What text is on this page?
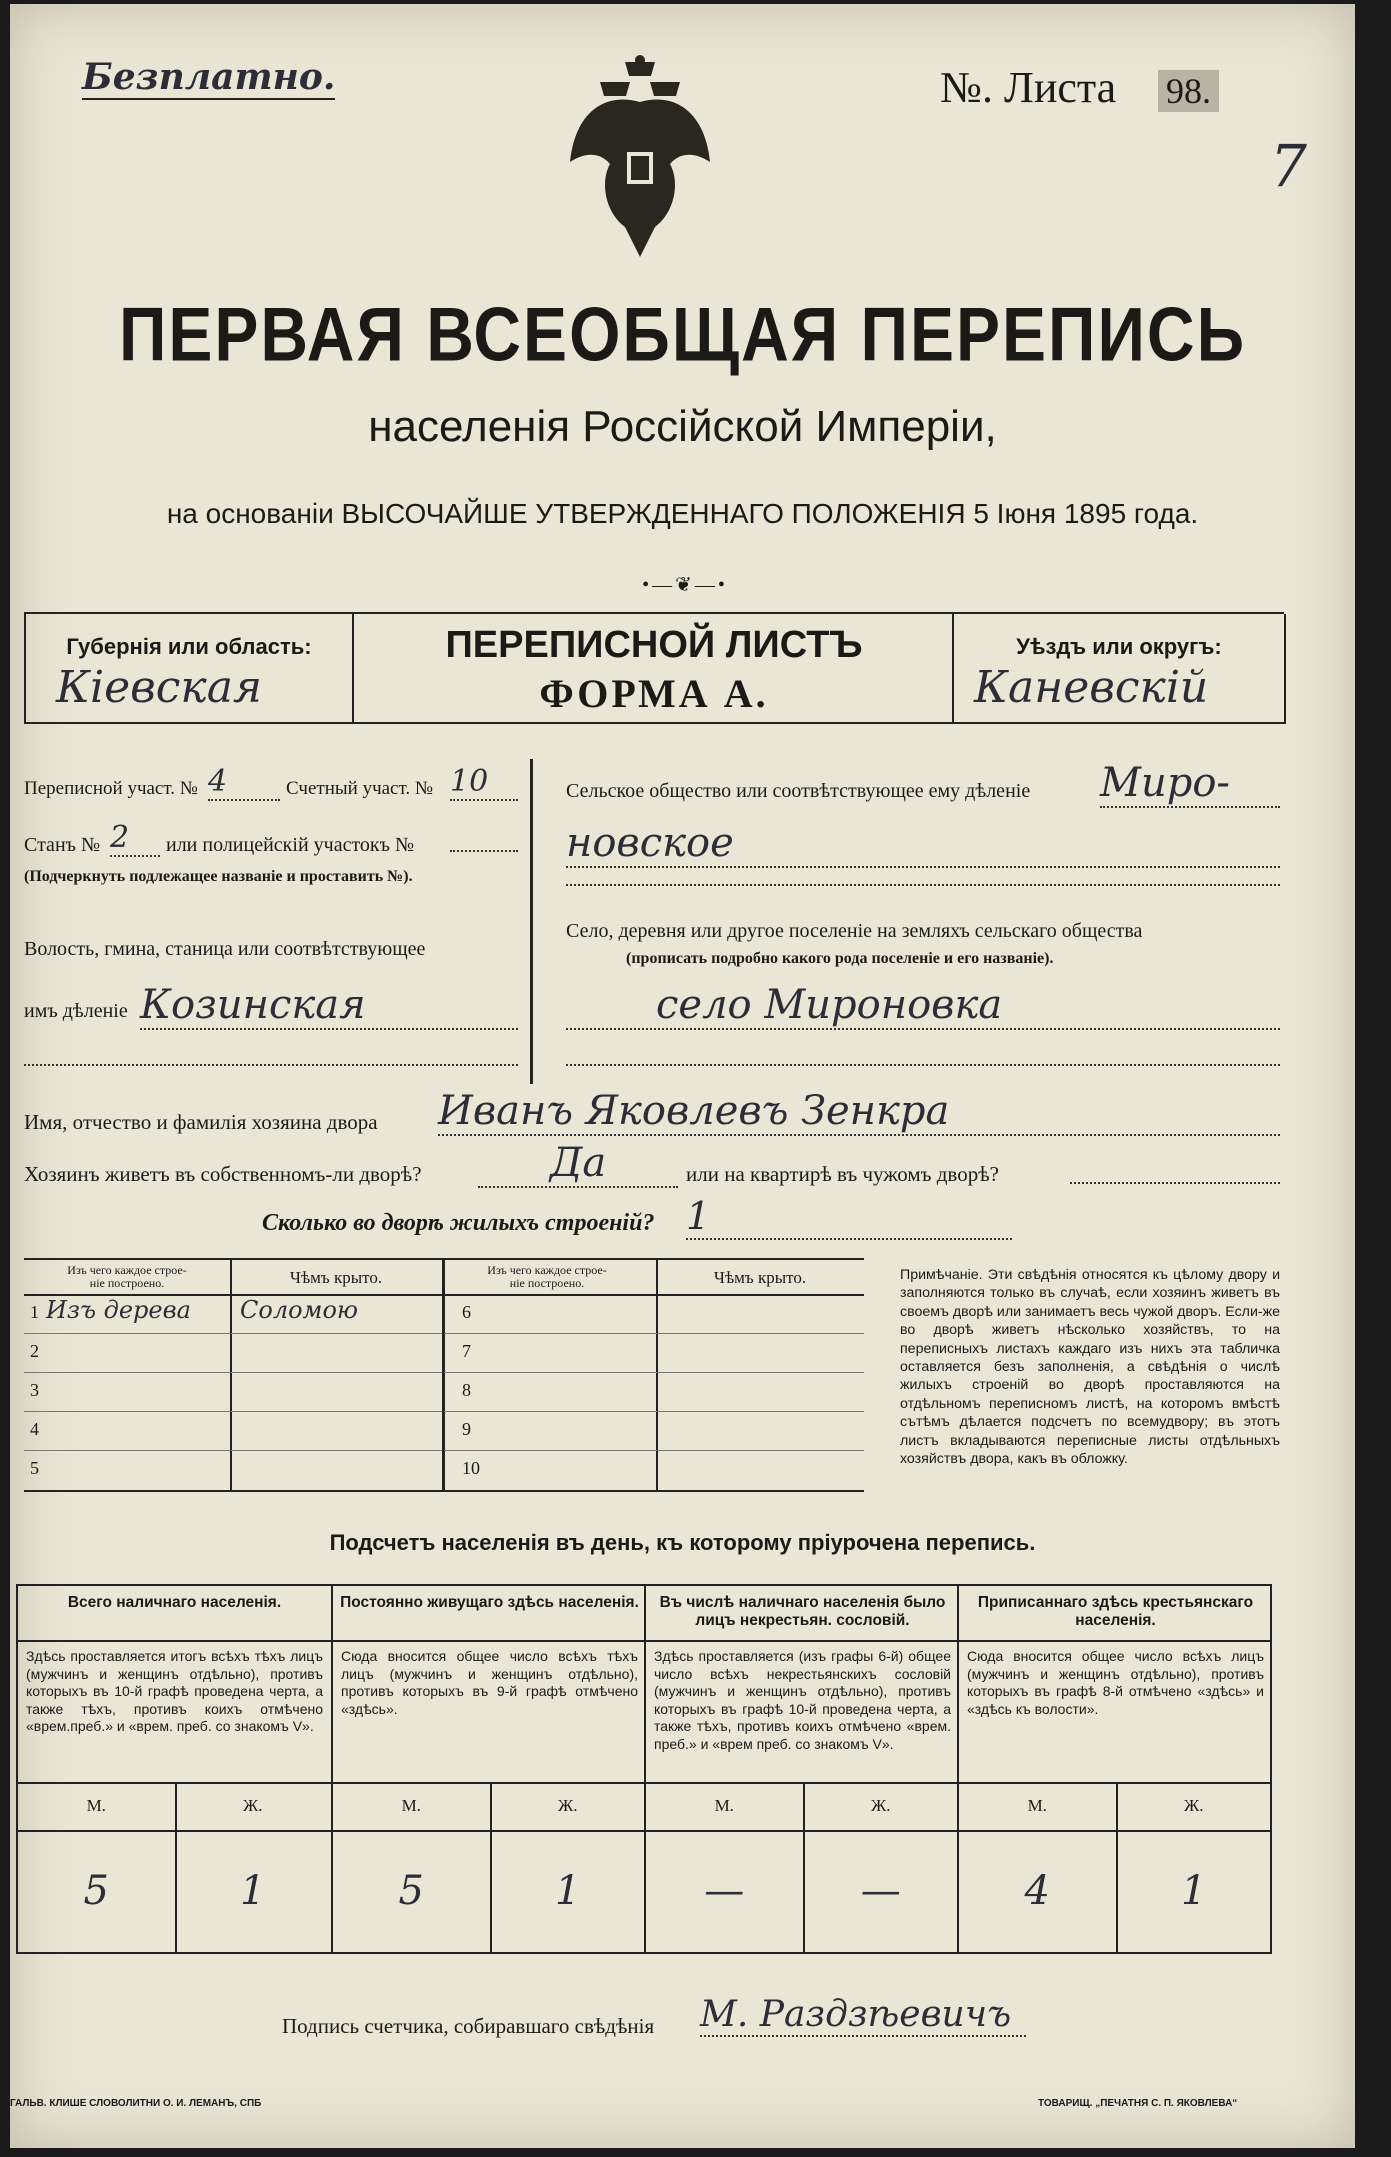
Безплатно.	№. Листа 98.
7
ПЕРВАЯ ВСЕОБЩАЯ ПЕРЕПИСЬ
населенія Россійской Имперіи,
на основаніи ВЫСОЧАЙШЕ УТВЕРЖДЕННАГО ПОЛОЖЕНІЯ 5 Іюня 1895 года.
•—❦—•
Губернія или область:
Кіевская
ПЕРЕПИСНОЙ ЛИСТЪ
ФОРМА А.
Уѣздъ или округъ:
Каневскій
Переписной участ. № 4	Счетный участ. № 10
Станъ № 2	или полицейскій участокъ №
(Подчеркнуть подлежащее названіе и проставить №).
Волость, гмина, станица или соотвѣтствующее
имъ дѣленіе Козинская
Сельское общество или соотвѣтствующее ему дѣленіе Миро-
новское
Село, деревня или другое поселеніе на земляхъ сельскаго общества
(прописать подробно какого рода поселеніе и его названіе).
село Мироновка
Имя, отчество и фамилія хозяина двора Иванъ Яковлевъ Зенкра
Хозяинъ живетъ въ собственномъ-ли дворѣ?	Да	или на квартирѣ въ чужомъ дворѣ?
Сколько во дворѣ жилыхъ строеній? 1
Изъ чего каждое строе-
ніе построено.	Чѣмъ крыто.
1 Изъ дерева Соломою
2
3
4
5
Изъ чего каждое строе-
ніе построено.	Чѣмъ крыто.
6
7
8
9
10
Примѣчаніе. Эти свѣдѣнія относятся къ цѣлому двору и заполняются только въ случаѣ, если хозяинъ живетъ въ своемъ дворѣ или занимаетъ весь чужой дворъ. Если-же во дворѣ живетъ нѣсколько хозяйствъ, то на переписныхъ листахъ каждаго изъ нихъ эта табличка оставляется безъ заполненія, а свѣдѣнія о числѣ жилыхъ строеній во дворѣ проставляются на отдѣльномъ переписномъ листѣ, на которомъ вмѣстѣ сътѣмъ дѣлается подсчетъ по всемудвору; въ этотъ листъ вкладываются переписные листы отдѣльныхъ хозяйствъ двора, какъ въ обложку.
Подсчетъ населенія въ день, къ которому пріурочена перепись.
Всего наличнаго населенія.
Здѣсь проставляется итогъ всѣхъ тѣхъ лицъ (мужчинъ и женщинъ отдѣльно), противъ которыхъ въ 10-й графѣ проведена черта, а также тѣхъ, противъ коихъ отмѣчено «врем.преб.» и «врем. преб. со знакомъ V».
М.	Ж.
5	1
Постоянно живущаго здѣсь населенія.
Сюда вносится общее число всѣхъ тѣхъ лицъ (мужчинъ и женщинъ отдѣльно), противъ которыхъ въ 9-й графѣ отмѣчено «здѣсь».
М.	Ж.
5	1
Въ числѣ наличнаго населенія было лицъ некрестьян. сословій.
Здѣсь проставляется (изъ графы 6-й) общее число всѣхъ некрестьянскихъ сословій (мужчинъ и женщинъ отдѣльно), противъ которыхъ въ графѣ 10-й проведена черта, а также тѣхъ, противъ коихъ отмѣчено «врем. преб.» и «врем преб. со знакомъ V».
М.	Ж.
—	—
Приписаннаго здѣсь крестьянскаго населенія.
Сюда вносится общее число всѣхъ лицъ (мужчинъ и женщинъ отдѣльно), противъ которыхъ въ графѣ 8-й отмѣчено «здѣсь» и «здѣсь къ волости».
М.	Ж.
4	1
Подпись счетчика, собиравшаго свѣдѣнія М. Раздзѣевичъ
ГАЛЬВ. КЛИШЕ СЛОВОЛИТНИ О. И. ЛЕМАНЪ, СПБ	ТОВАРИЩ. „ПЕЧАТНЯ С. П. ЯКОВЛЕВА“
